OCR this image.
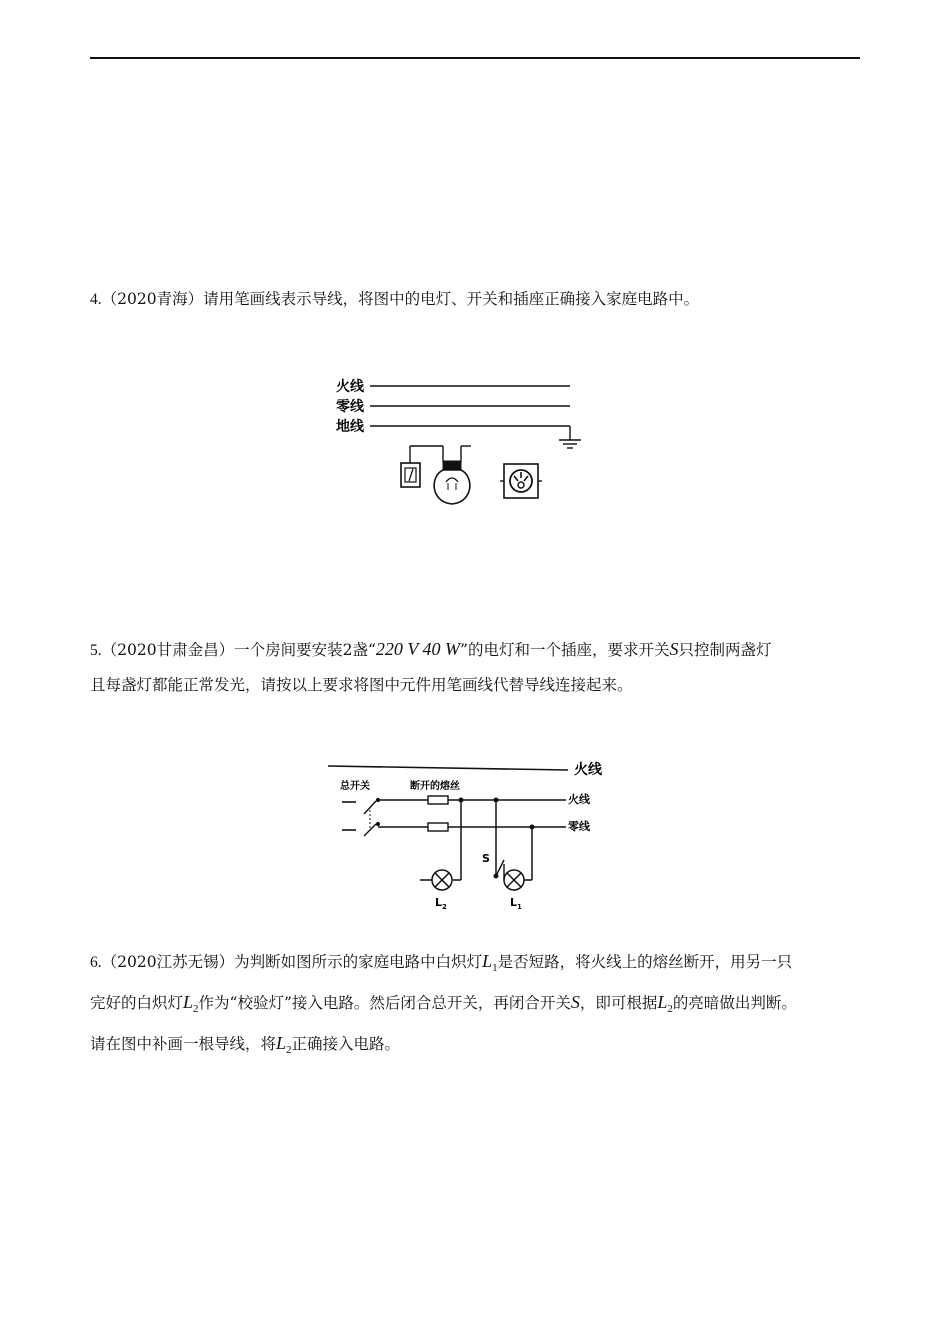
4.（2020青海）请用笔画线表示导线，将图中的电灯、开关和插座正确接入家庭电路中。

火线
零线
地线

5.（2020甘肃金昌）一个房间要安装2盏“220 V 40 W”的电灯和一个插座，要求开关S只控制两盏灯
且每盏灯都能正常发光，请按以上要求将图中元件用笔画线代替导线连接起来。

火线
总开关	断开的熔丝
火线
零线
$L_2$
S
$L_1$

6.（2020江苏无锡）为判断如图所示的家庭电路中白炽灯$L_1$是否短路，将火线上的熔丝断开，用另一只
完好的白炽灯$L_2$作为“校验灯”接入电路。然后闭合总开关，再闭合开关S，即可根据$L_2$的亮暗做出判断。
请在图中补画一根导线，将$L_2$正确接入电路。
